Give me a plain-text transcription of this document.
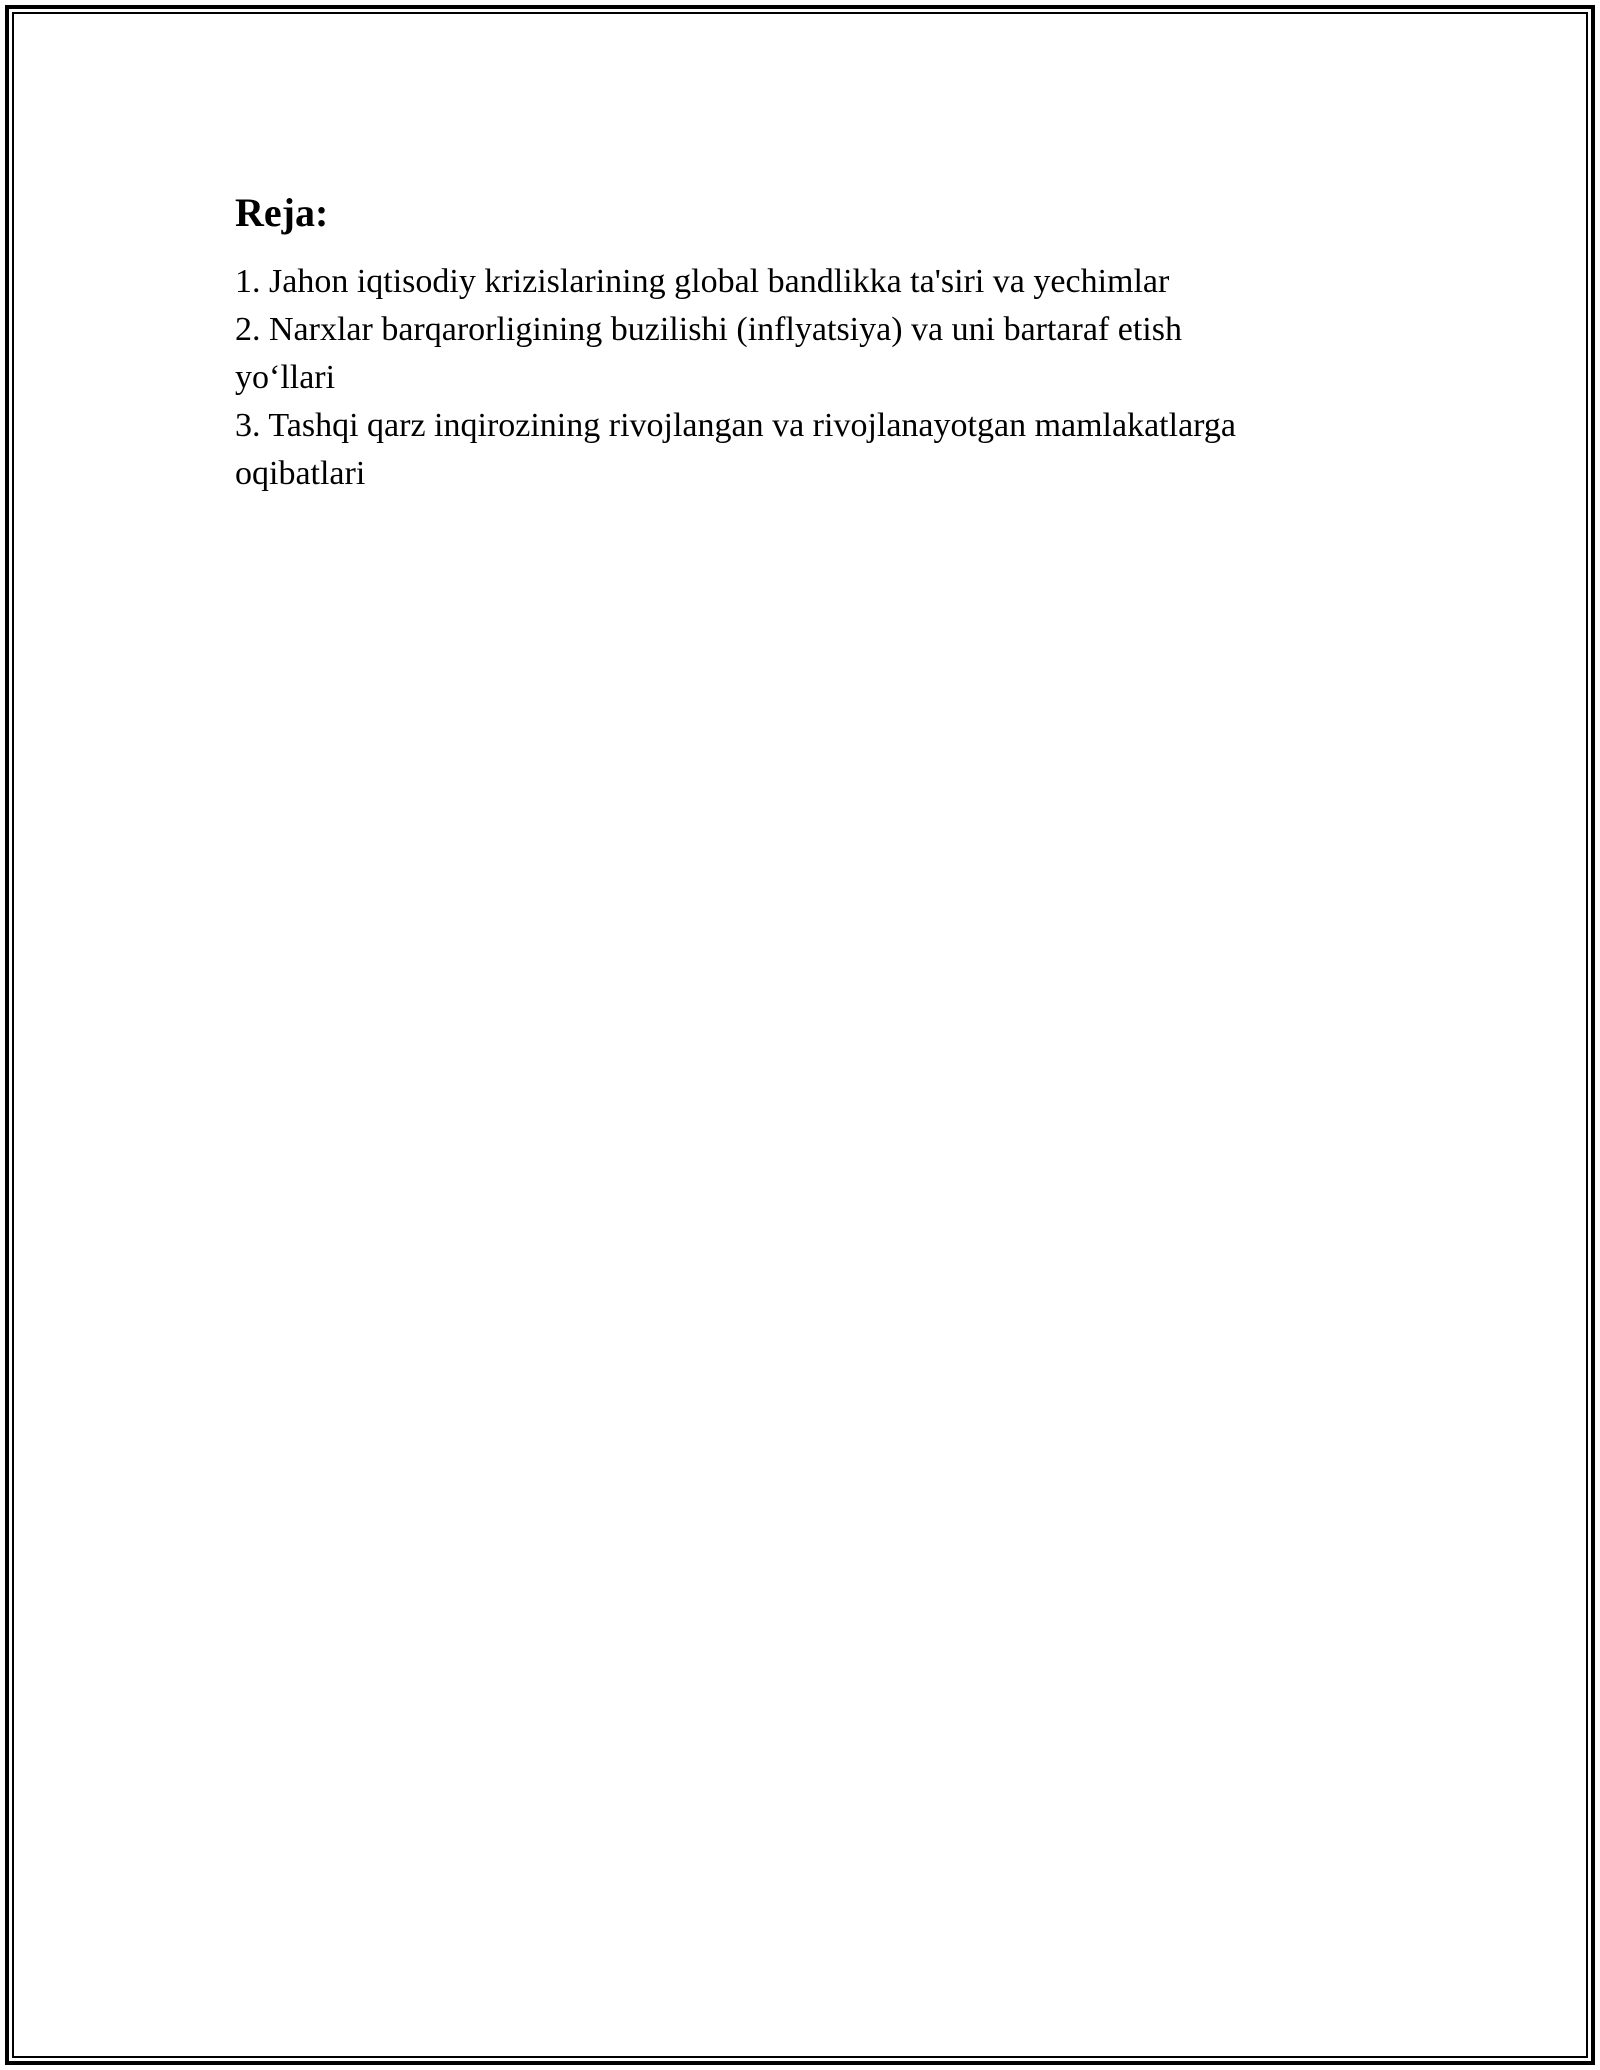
Reja:
1. Jahon iqtisodiy krizislarining global bandlikka ta'siri va yechimlar
2. Narxlar barqarorligining buzilishi (inflyatsiya) va uni bartaraf etish yo‘llari
3. Tashqi qarz inqirozining rivojlangan va rivojlanayotgan mamlakatlarga oqibatlari
